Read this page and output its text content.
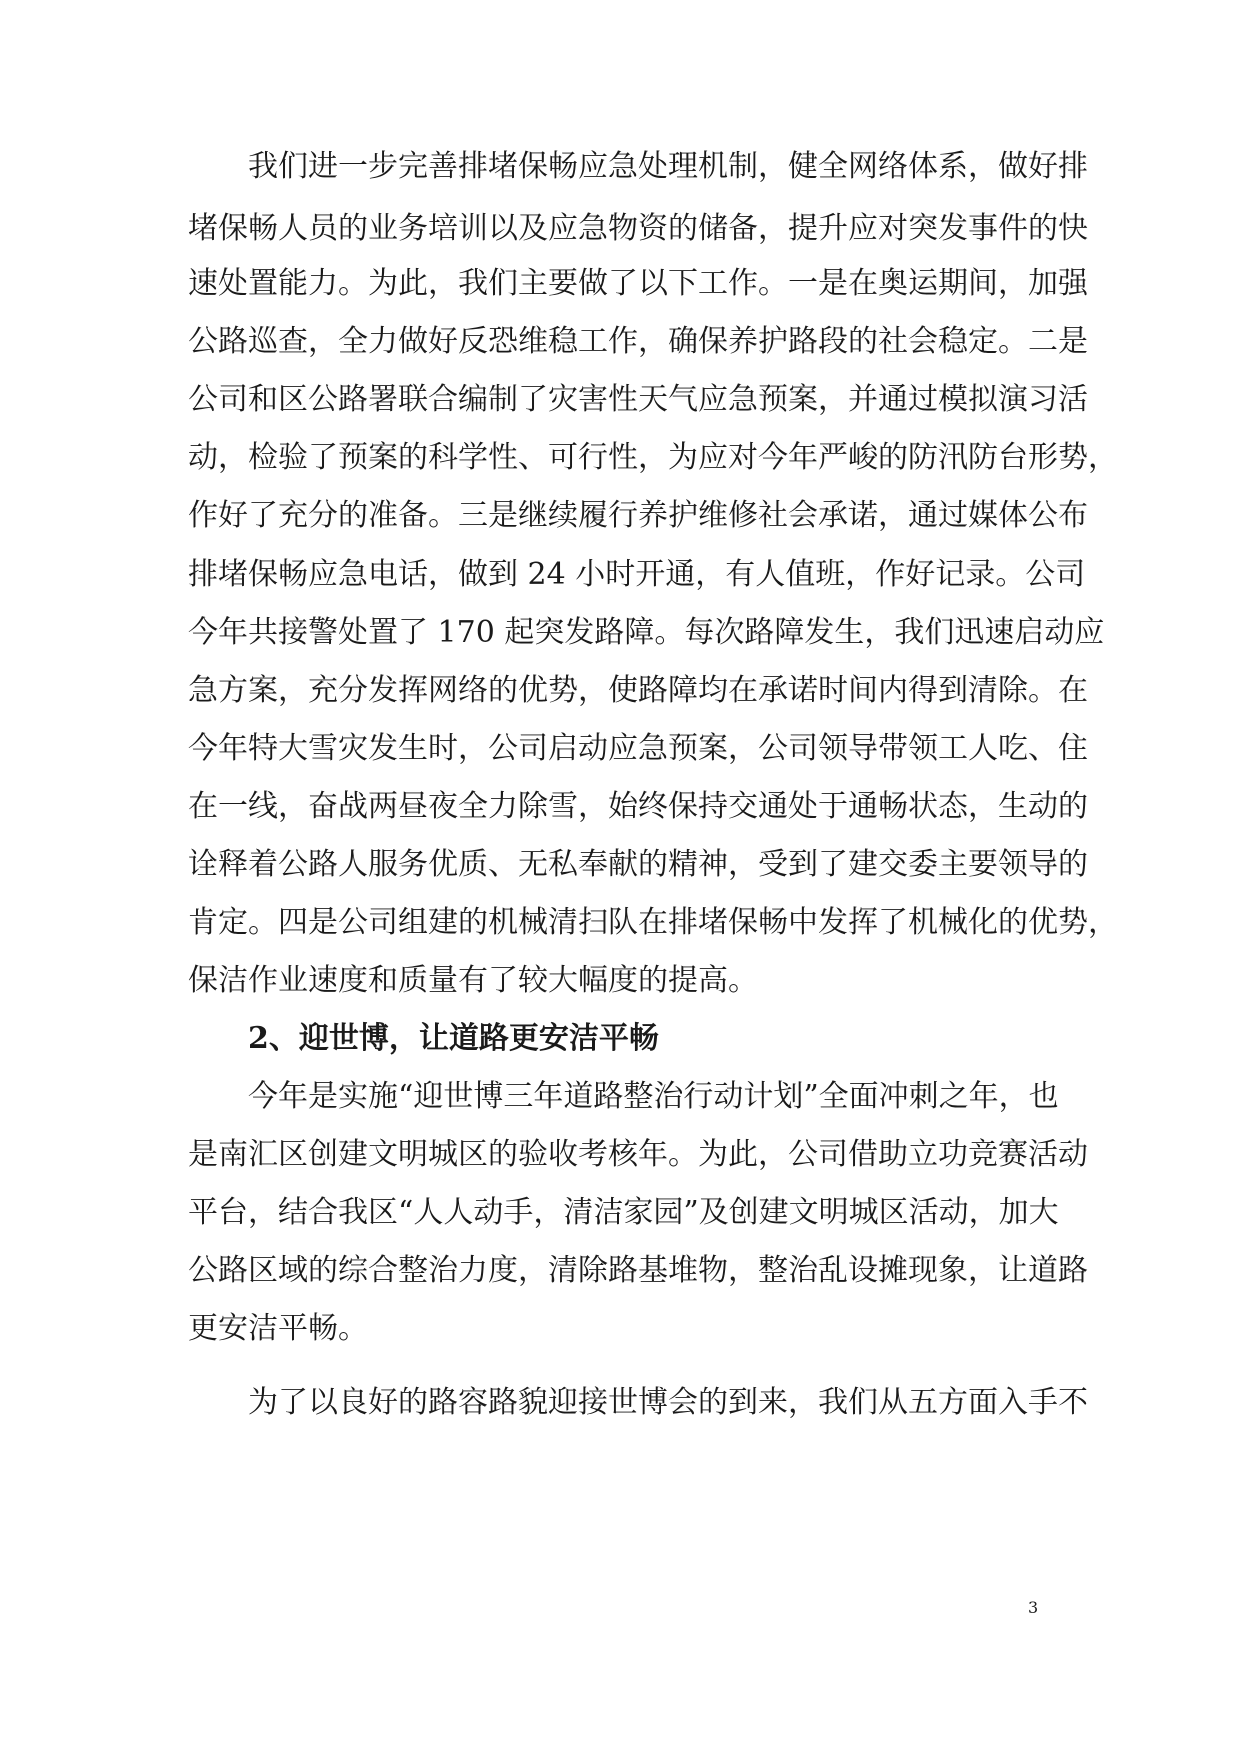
我们进一步完善排堵保畅应急处理机制，健全网络体系，做好排
堵保畅人员的业务培训以及应急物资的储备，提升应对突发事件的快
速处置能力。为此，我们主要做了以下工作。一是在奥运期间，加强
公路巡查，全力做好反恐维稳工作，确保养护路段的社会稳定。二是
公司和区公路署联合编制了灾害性天气应急预案，并通过模拟演习活
动，检验了预案的科学性、可行性，为应对今年严峻的防汛防台形势，
作好了充分的准备。三是继续履行养护维修社会承诺，通过媒体公布
排堵保畅应急电话，做到 24 小时开通，有人值班，作好记录。公司
今年共接警处置了 170 起突发路障。每次路障发生，我们迅速启动应
急方案，充分发挥网络的优势，使路障均在承诺时间内得到清除。在
今年特大雪灾发生时，公司启动应急预案，公司领导带领工人吃、住
在一线，奋战两昼夜全力除雪，始终保持交通处于通畅状态，生动的
诠释着公路人服务优质、无私奉献的精神，受到了建交委主要领导的
肯定。四是公司组建的机械清扫队在排堵保畅中发挥了机械化的优势，
保洁作业速度和质量有了较大幅度的提高。
2、迎世博，让道路更安洁平畅
今年是实施“迎世博三年道路整治行动计划”全面冲刺之年，也
是南汇区创建文明城区的验收考核年。为此，公司借助立功竞赛活动
平台，结合我区“人人动手，清洁家园”及创建文明城区活动，加大
公路区域的综合整治力度，清除路基堆物，整治乱设摊现象，让道路
更安洁平畅。
为了以良好的路容路貌迎接世博会的到来，我们从五方面入手不
3
